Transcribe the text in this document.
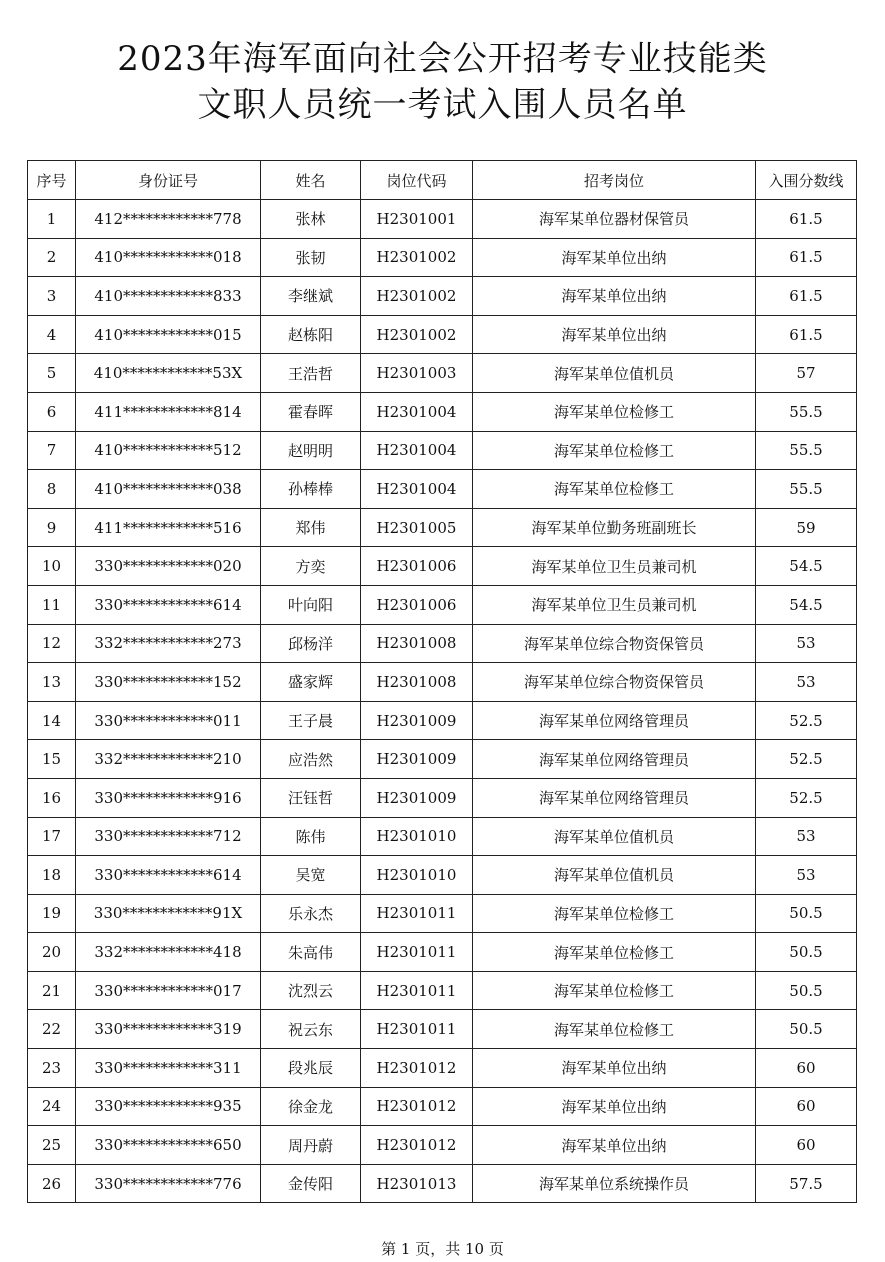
2023年海军面向社会公开招考专业技能类
文职人员统一考试入围人员名单
序号	身份证号	姓名	岗位代码	招考岗位	入围分数线
1	412************778	张林	H2301001	海军某单位器材保管员	61.5
2	410************018	张韧	H2301002	海军某单位出纳	61.5
3	410************833	李继斌	H2301002	海军某单位出纳	61.5
4	410************015	赵栋阳	H2301002	海军某单位出纳	61.5
5	410************53X	王浩哲	H2301003	海军某单位值机员	57
6	411************814	霍春晖	H2301004	海军某单位检修工	55.5
7	410************512	赵明明	H2301004	海军某单位检修工	55.5
8	410************038	孙棒棒	H2301004	海军某单位检修工	55.5
9	411************516	郑伟	H2301005	海军某单位勤务班副班长	59
10	330************020	方奕	H2301006	海军某单位卫生员兼司机	54.5
11	330************614	叶向阳	H2301006	海军某单位卫生员兼司机	54.5
12	332************273	邱杨洋	H2301008	海军某单位综合物资保管员	53
13	330************152	盛家辉	H2301008	海军某单位综合物资保管员	53
14	330************011	王子晨	H2301009	海军某单位网络管理员	52.5
15	332************210	应浩然	H2301009	海军某单位网络管理员	52.5
16	330************916	汪钰哲	H2301009	海军某单位网络管理员	52.5
17	330************712	陈伟	H2301010	海军某单位值机员	53
18	330************614	吴宽	H2301010	海军某单位值机员	53
19	330************91X	乐永杰	H2301011	海军某单位检修工	50.5
20	332************418	朱高伟	H2301011	海军某单位检修工	50.5
21	330************017	沈烈云	H2301011	海军某单位检修工	50.5
22	330************319	祝云东	H2301011	海军某单位检修工	50.5
23	330************311	段兆辰	H2301012	海军某单位出纳	60
24	330************935	徐金龙	H2301012	海军某单位出纳	60
25	330************650	周丹蔚	H2301012	海军某单位出纳	60
26	330************776	金传阳	H2301013	海军某单位系统操作员	57.5
第 1 页，共 10 页
